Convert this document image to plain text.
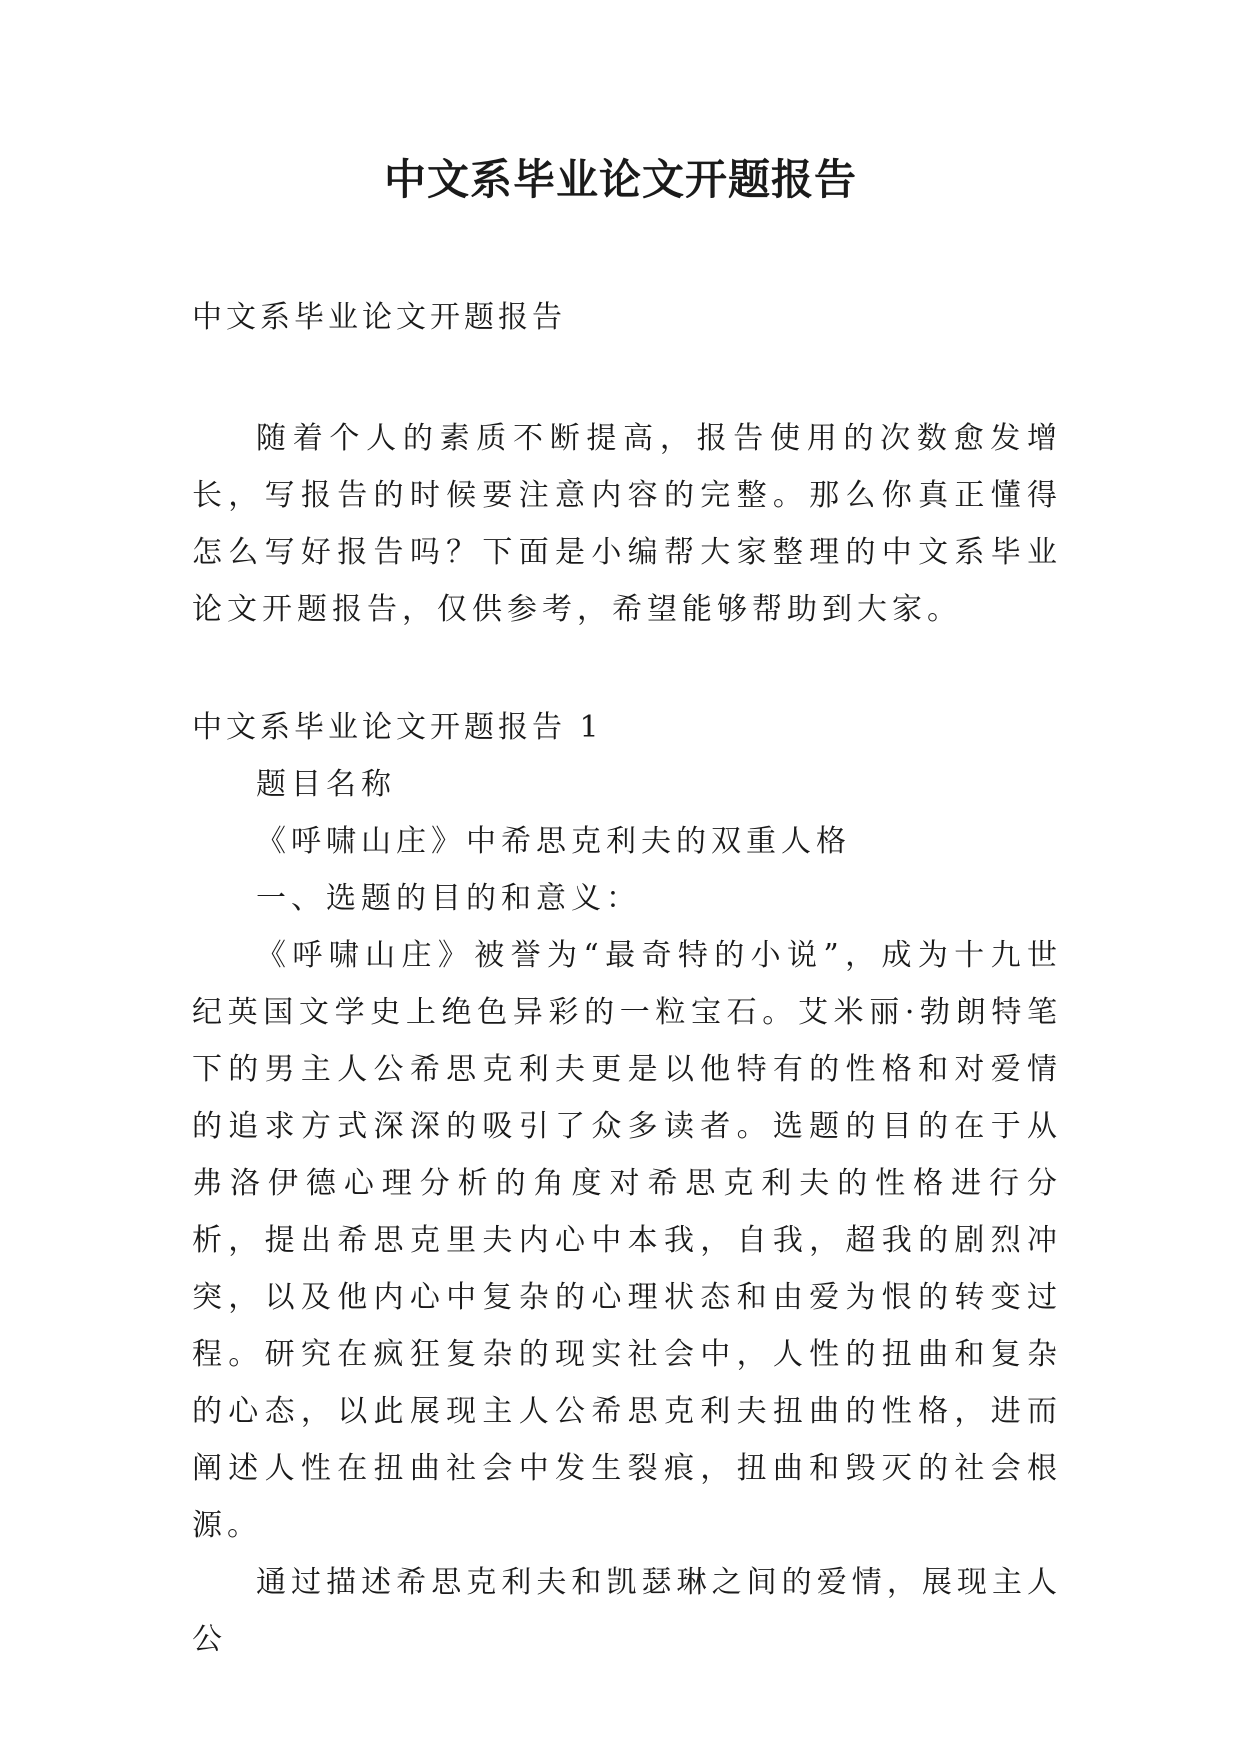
中文系毕业论文开题报告

中文系毕业论文开题报告

随着个人的素质不断提高，报告使用的次数愈发增长，写报告的时候要注意内容的完整。那么你真正懂得怎么写好报告吗？下面是小编帮大家整理的中文系毕业论文开题报告，仅供参考，希望能够帮助到大家。

中文系毕业论文开题报告 1

题目名称

《呼啸山庄》中希思克利夫的双重人格

一、选题的目的和意义：

《呼啸山庄》被誉为“最奇特的小说”，成为十九世纪英国文学史上绝色异彩的一粒宝石。艾米丽·勃朗特笔下的男主人公希思克利夫更是以他特有的性格和对爱情的追求方式深深的吸引了众多读者。选题的目的在于从弗洛伊德心理分析的角度对希思克利夫的性格进行分析，提出希思克里夫内心中本我，自我，超我的剧烈冲突，以及他内心中复杂的心理状态和由爱为恨的转变过程。研究在疯狂复杂的现实社会中，人性的扭曲和复杂的心态，以此展现主人公希思克利夫扭曲的性格，进而阐述人性在扭曲社会中发生裂痕，扭曲和毁灭的社会根源。

通过描述希思克利夫和凯瑟琳之间的爱情，展现主人公
